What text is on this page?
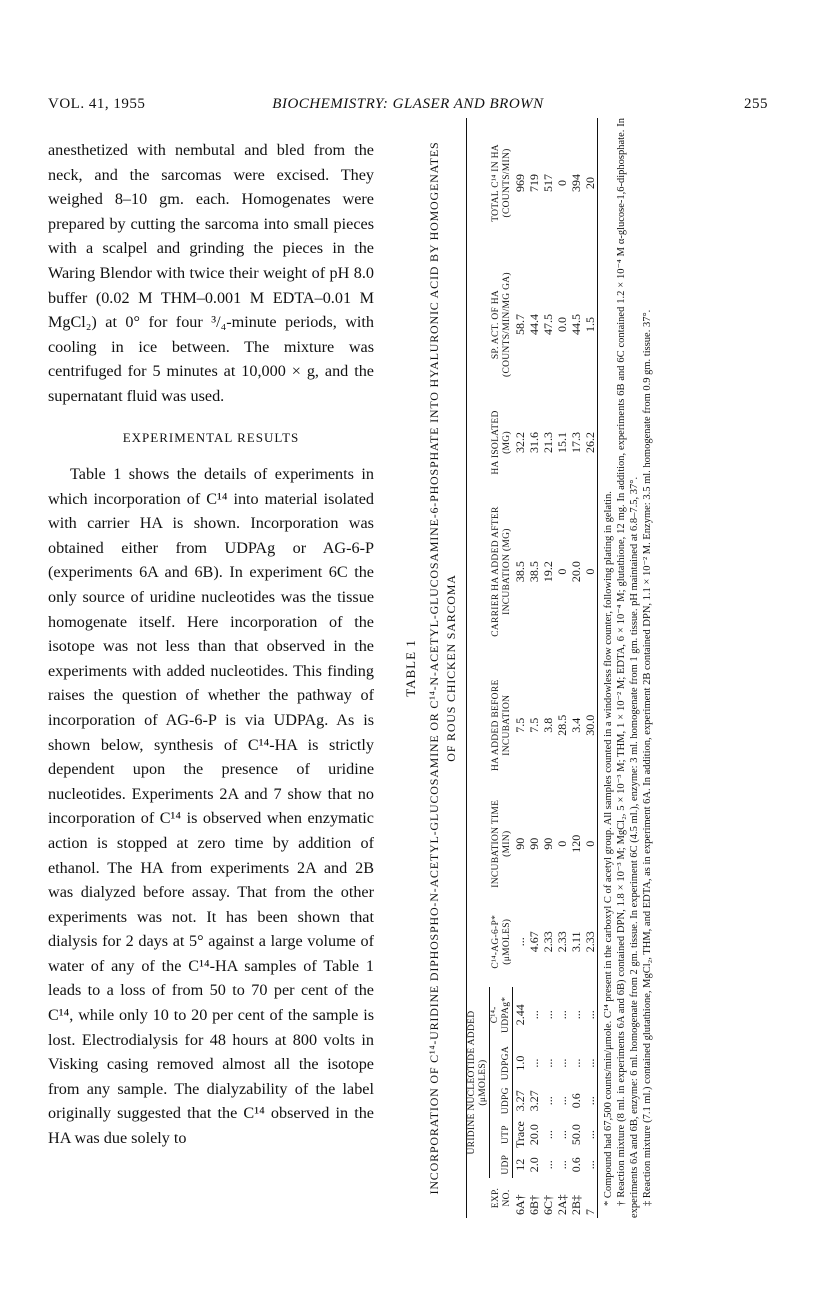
VOL. 41, 1955	BIOCHEMISTRY: GLASER AND BROWN	255

anesthetized with nembutal and bled from the neck, and the sarcomas were excised. They weighed 8–10 gm. each. Homogenates were prepared by cutting the sarcoma into small pieces with a scalpel and grinding the pieces in the Waring Blendor with twice their weight of pH 8.0 buffer (0.02 M THM–0.001 M EDTA–0.01 M MgCl₂) at 0° for four ³/₄-minute periods, with cooling in ice between. The mixture was centrifuged for 5 minutes at 10,000 × g, and the supernatant fluid was used.

EXPERIMENTAL RESULTS

Table 1 shows the details of experiments in which incorporation of C¹⁴ into material isolated with carrier HA is shown. Incorporation was obtained either from UDPAg or AG-6-P (experiments 6A and 6B). In experiment 6C the only source of uridine nucleotides was the tissue homogenate itself. Here incorporation of the isotope was not less than that observed in the experiments with added nucleotides. This finding raises the question of whether the pathway of incorporation of AG-6-P is via UDPAg. As is shown below, synthesis of C¹⁴-HA is strictly dependent upon the presence of uridine nucleotides. Experiments 2A and 7 show that no incorporation of C¹⁴ is observed when enzymatic action is stopped at zero time by addition of ethanol. The HA from experiments 2A and 2B was dialyzed before assay. That from the other experiments was not. It has been shown that dialysis for 2 days at 5° against a large volume of water of any of the C¹⁴-HA samples of Table 1 leads to a loss of from 50 to 70 per cent of the C¹⁴, while only 10 to 20 per cent of the sample is lost. Electrodialysis for 48 hours at 800 volts in Visking casing removed almost all the isotope from any sample. The dialyzability of the label originally suggested that the C¹⁴ observed in the HA was due solely to

TABLE 1 INCORPORATION OF C¹⁴-URIDINE DIPHOSPHO-N-ACETYL-GLUCOSAMINE OR C¹⁴-N-ACETYL-GLUCOSAMINE-6-PHOSPHATE INTO HYALURONIC ACID BY HOMOGENATES OF ROUS CHICKEN SARCOMA
EXP. NO.	URIDINE NUCLEOTIDE ADDED (μMOLES)					C¹⁴-AG-6-P* (μMOLES)	INCUBATION TIME (MIN)	HA ADDED BEFORE INCUBATION	CARRIER HA ADDED AFTER INCUBATION (MG)	HA ISOLATED (MG)	SP. ACT. OF HA (COUNTS/MIN/MG GA)	TOTAL C¹⁴ IN HA (COUNTS/MIN)
	UDP	UTP	UDPG	UDPGA	C¹⁴-UDPAg*							
6A†	12	Trace	3.27	1.0	2.44	...	90	7.5	38.5	32.2	58.7	969
6B†	2.0	20.0	3.27	...	...	4.67	90	7.5	38.5	31.6	44.4	719
6C†	...	...	...	...	...	2.33	90	3.8	19.2	21.3	47.5	517
2A‡	...	...	...	...	...	2.33	0	28.5	0	15.1	0.0	0
2B‡	0.6	50.0	0.6	...	...	3.11	120	3.4	20.0	17.3	44.5	394
7	...	...	...	...	...	2.33	0	30.0	0	26.2	1.5	20

* Compound had 67,500 counts/min/μmole. C¹⁴ present in the carboxyl C of acetyl group. All samples counted in a windowless flow counter, following plating in gelatin. † Reaction mixture (8 ml. in experiments 6A and 6B) contained DPN, 1.8 × 10⁻³ M; MgCl₂, 5 × 10⁻³ M; THM, 1 × 10⁻² M; EDTA, 6 × 10⁻⁴ M; glutathione, 12 mg. In addition, experiments 6B and 6C contained 1.2 × 10⁻⁴ M α-glucose-1,6-diphosphate. In experiments 6A and 6B, enzyme: 6 ml. homogenate from 2 gm. tissue. In experiment 6C (4.5 ml.), enzyme: 3 ml. homogenate from 1 gm. tissue. pH maintained at 6.8–7.5, 37°. ‡ Reaction mixture (7.1 ml.) contained glutathione, MgCl₂, THM, and EDTA, as in experiment 6A. In addition, experiment 2B contained DPN, 1.1 × 10⁻² M. Enzyme: 3.5 ml. homogenate from 0.9 gm. tissue. 37°.
